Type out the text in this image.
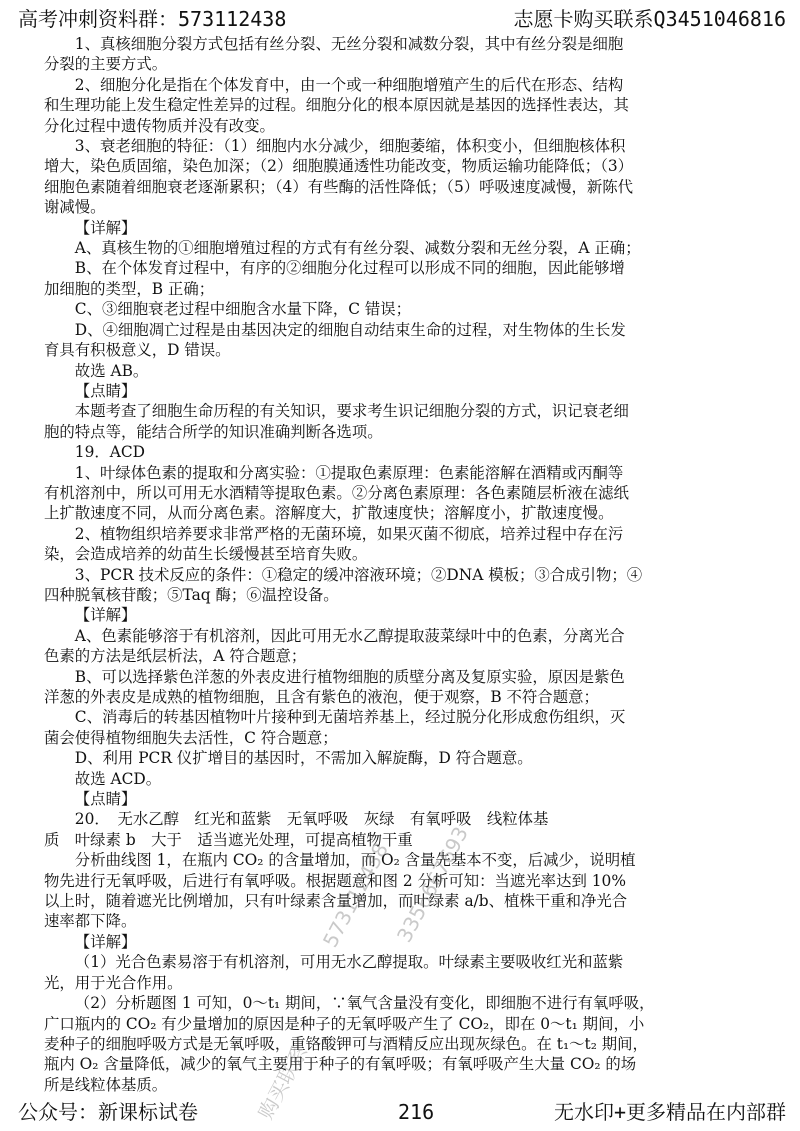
高考冲刺资料群：573112438	志愿卡购买联系Q3451046816

1、真核细胞分裂方式包括有丝分裂、无丝分裂和减数分裂，其中有丝分裂是细胞

分裂的主要方式。

2、细胞分化是指在个体发育中，由一个或一种细胞增殖产生的后代在形态、结构

和生理功能上发生稳定性差异的过程。细胞分化的根本原因就是基因的选择性表达，其

分化过程中遗传物质并没有改变。

3、衰老细胞的特征：（1）细胞内水分减少，细胞萎缩，体积变小，但细胞核体积

增大，染色质固缩，染色加深；（2）细胞膜通透性功能改变，物质运输功能降低；（3）

细胞色素随着细胞衰老逐渐累积；（4）有些酶的活性降低；（5）呼吸速度减慢，新陈代

谢减慢。

【详解】

A、真核生物的①细胞增殖过程的方式有有丝分裂、减数分裂和无丝分裂，A 正确；

B、在个体发育过程中，有序的②细胞分化过程可以形成不同的细胞，因此能够增

加细胞的类型，B 正确；

C、③细胞衰老过程中细胞含水量下降，C 错误；

D、④细胞凋亡过程是由基因决定的细胞自动结束生命的过程，对生物体的生长发

育具有积极意义，D 错误。

故选 AB。

【点睛】

本题考查了细胞生命历程的有关知识，要求考生识记细胞分裂的方式，识记衰老细

胞的特点等，能结合所学的知识准确判断各选项。

19．ACD

1、叶绿体色素的提取和分离实验：①提取色素原理：色素能溶解在酒精或丙酮等

有机溶剂中，所以可用无水酒精等提取色素。②分离色素原理：各色素随层析液在滤纸

上扩散速度不同，从而分离色素。溶解度大，扩散速度快；溶解度小，扩散速度慢。

2、植物组织培养要求非常严格的无菌环境，如果灭菌不彻底，培养过程中存在污

染，会造成培养的幼苗生长缓慢甚至培育失败。

3、PCR 技术反应的条件：①稳定的缓冲溶液环境；②DNA 模板；③合成引物；④

四种脱氧核苷酸；⑤Taq 酶；⑥温控设备。

【详解】

A、色素能够溶于有机溶剂，因此可用无水乙醇提取菠菜绿叶中的色素，分离光合

色素的方法是纸层析法，A 符合题意；

B、可以选择紫色洋葱的外表皮进行植物细胞的质壁分离及复原实验，原因是紫色

洋葱的外表皮是成熟的植物细胞，且含有紫色的液泡，便于观察，B 不符合题意；

C、消毒后的转基因植物叶片接种到无菌培养基上，经过脱分化形成愈伤组织，灭

菌会使得植物细胞失去活性，C 符合题意；

D、利用 PCR 仪扩增目的基因时，不需加入解旋酶，D 符合题意。

故选 ACD。

【点睛】

20．　无水乙醇　红光和蓝紫　无氧呼吸　灰绿　有氧呼吸　线粒体基

质　叶绿素 b　大于　适当遮光处理，可提高植物干重

分析曲线图 1，在瓶内 CO₂ 的含量增加，而 O₂ 含量先基本不变，后减少，说明植

物先进行无氧呼吸，后进行有氧呼吸。根据题意和图 2 分析可知：当遮光率达到 10%

以上时，随着遮光比例增加，只有叶绿素含量增加，而叶绿素 a/b、植株干重和净光合

速率都下降。

【详解】

（1）光合色素易溶于有机溶剂，可用无水乙醇提取。叶绿素主要吸收红光和蓝紫

光，用于光合作用。

（2）分析题图 1 可知，0～t₁ 期间，∵氧气含量没有变化，即细胞不进行有氧呼吸，

广口瓶内的 CO₂ 有少量增加的原因是种子的无氧呼吸产生了 CO₂，即在 0～t₁ 期间，小

麦种子的细胞呼吸方式是无氧呼吸，重铬酸钾可与酒精反应出现灰绿色。在 t₁～t₂ 期间，

瓶内 O₂ 含量降低，减少的氧气主要用于种子的有氧呼吸；有氧呼吸产生大量 CO₂ 的场

所是线粒体基质。

573112438 3356667693
购买联系
公众号：新课标试卷	216	无水印+更多精品在内部群
